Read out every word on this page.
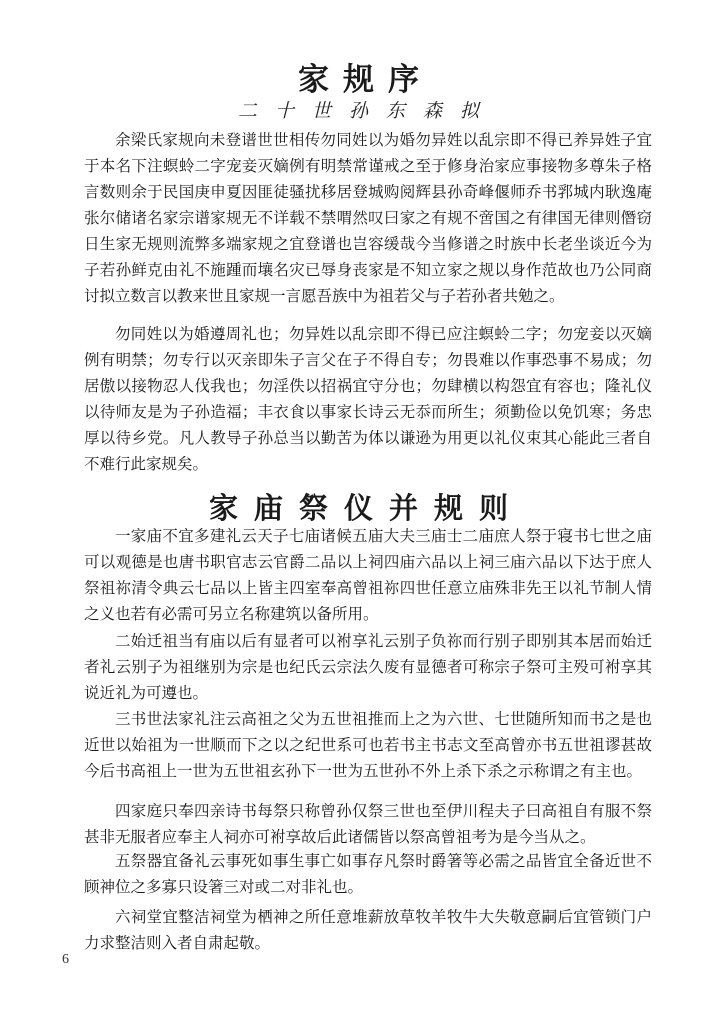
家规序

二十世孙东森拟

余梁氏家规向未登谱世世相传勿同姓以为婚勿异姓以乱宗即不得已养异姓子宜于本名下注螟蛉二字宠妾灭嫡例有明禁常谨戒之至于修身治家应事接物多尊朱子格言数则余于民国庚申夏因匪徒骚扰移居登城购阅辉县孙奇峰偃师乔书郛城内耿逸庵张尔储诸名家宗谱家规无不详载不禁喟然叹曰家之有规不啻国之有律国无律则僭窃日生家无规则流弊多端家规之宜登谱也岂容缓哉今当修谱之时族中长老坐谈近今为子若孙鲜克由礼不施踵而壤名灾已辱身丧家是不知立家之规以身作范故也乃公同商讨拟立数言以教来世且家规一言愿吾族中为祖若父与子若孙者共勉之。

勿同姓以为婚遵周礼也；勿异姓以乱宗即不得已应注螟蛉二字；勿宠妾以灭嫡例有明禁；勿专行以灭亲即朱子言父在子不得自专；勿畏难以作事恐事不易成；勿居傲以接物忍人伐我也；勿淫佚以招祸宜守分也；勿肆横以构怨宜有容也；隆礼仪以待师友是为子孙造福；丰衣食以事家长诗云无忝而所生；须勤俭以免饥寒；务忠厚以待乡党。凡人教导子孙总当以勤苦为体以谦逊为用更以礼仪束其心能此三者自不难行此家规矣。

家庙祭仪并规则

一家庙不宜多建礼云天子七庙诸候五庙大夫三庙士二庙庶人祭于寝书七世之庙可以观德是也唐书职官志云官爵二品以上祠四庙六品以上祠三庙六品以下达于庶人祭祖祢清令典云七品以上皆主四室奉高曾祖祢四世任意立庙殊非先王以礼节制人情之义也若有必需可另立名称建筑以备所用。

二始迁祖当有庙以后有显者可以袝享礼云别子负祢而行别子即别其本居而始迁者礼云别子为祖继别为宗是也纪氏云宗法久废有显德者可称宗子祭可主殁可袝享其说近礼为可遵也。

三书世法家礼注云高祖之父为五世祖推而上之为六世、七世随所知而书之是也近世以始祖为一世顺而下之以之纪世系可也若书主书志文至高曾亦书五世祖谬甚故今后书高祖上一世为五世祖玄孙下一世为五世孙不外上杀下杀之示称谓之有主也。

四家庭只奉四亲诗书每祭只称曾孙仅祭三世也至伊川程夫子曰高祖自有服不祭甚非无服者应奉主人祠亦可袝享故后此诸儒皆以祭高曾祖考为是今当从之。

五祭器宜备礼云事死如事生事亡如事存凡祭时爵箸等必需之品皆宜全备近世不顾神位之多寡只设箸三对或二对非礼也。

六祠堂宜整洁祠堂为栖神之所任意堆薪放草牧羊牧牛大失敬意嗣后宜管锁门户力求整洁则入者自肃起敬。

6
